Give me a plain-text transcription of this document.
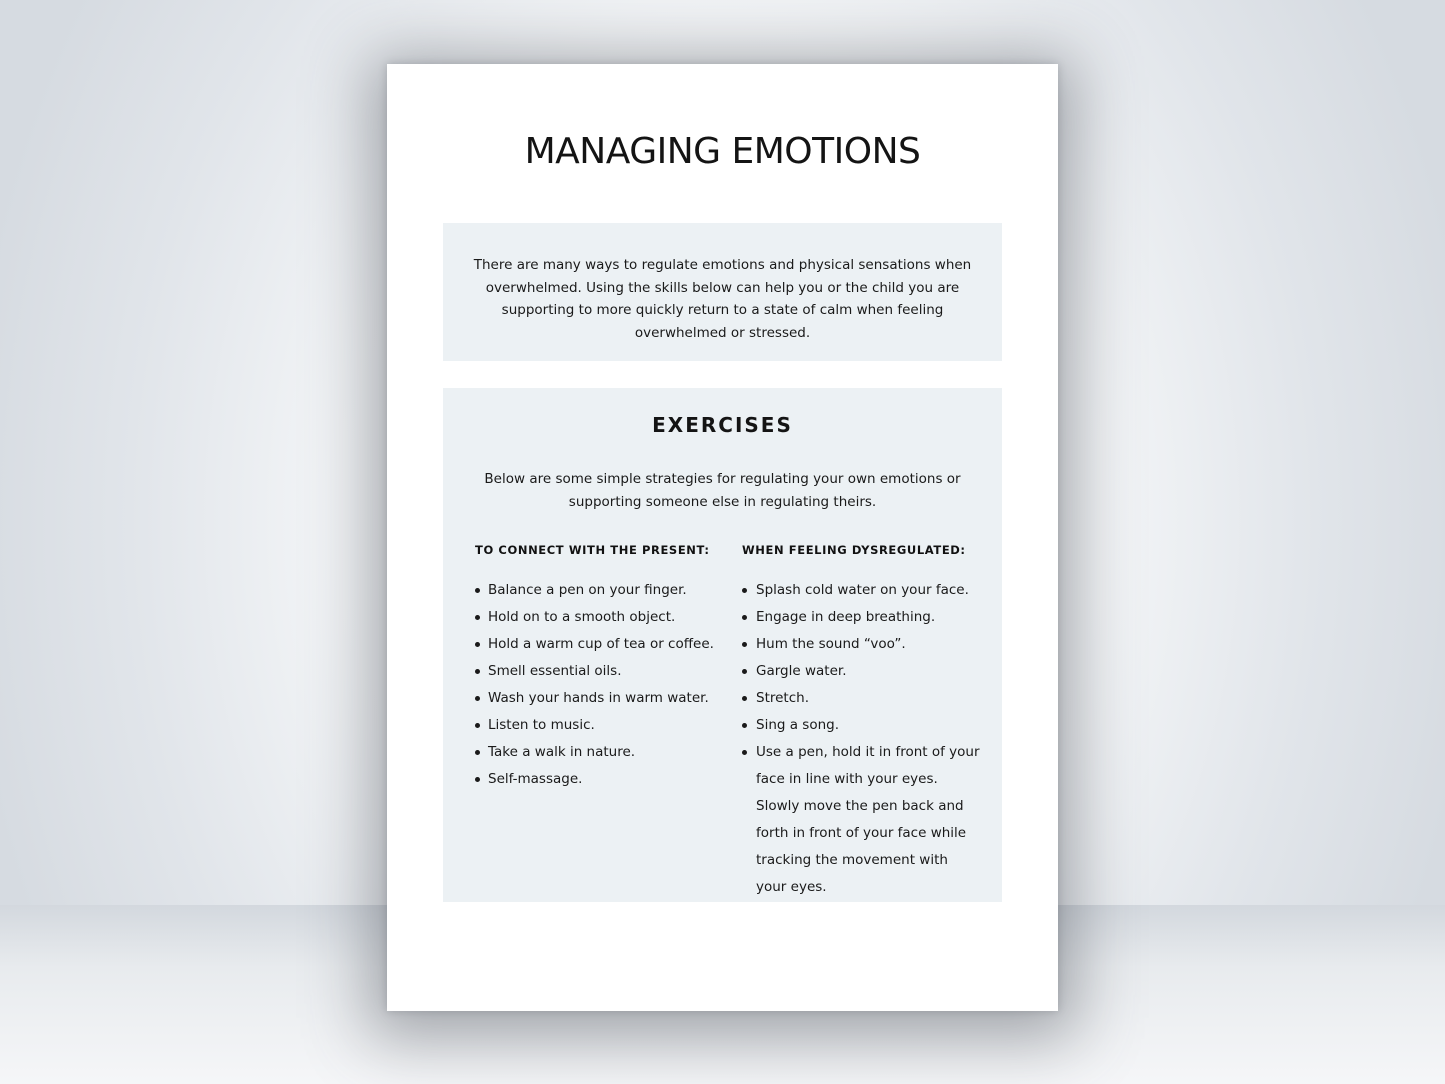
MANAGING EMOTIONS

There are many ways to regulate emotions and physical sensations when overwhelmed. Using the skills below can help you or the child you are supporting to more quickly return to a state of calm when feeling overwhelmed or stressed.

EXERCISES

Below are some simple strategies for regulating your own emotions or supporting someone else in regulating theirs.

TO CONNECT WITH THE PRESENT:
Balance a pen on your finger.
Hold on to a smooth object.
Hold a warm cup of tea or coffee.
Smell essential oils.
Wash your hands in warm water.
Listen to music.
Take a walk in nature.
Self-massage.
WHEN FEELING DYSREGULATED:
Splash cold water on your face.
Engage in deep breathing.
Hum the sound “voo”.
Gargle water.
Stretch.
Sing a song.
Use a pen, hold it in front of your face in line with your eyes. Slowly move the pen back and forth in front of your face while tracking the movement with your eyes.
